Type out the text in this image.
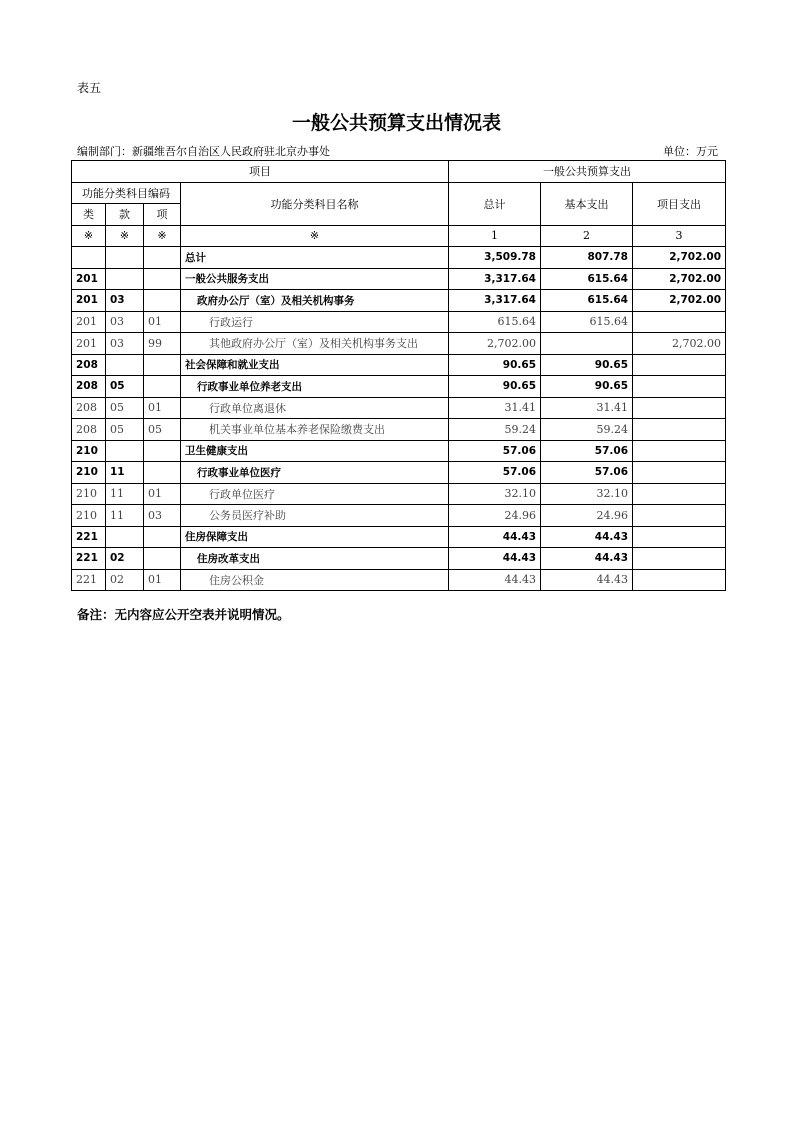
表五
一般公共预算支出情况表
编制部门：新疆维吾尔自治区人民政府驻北京办事处	单位：万元
项目				一般公共预算支出		
功能分类科目编码			功能分类科目名称	总计	基本支出	项目支出
类	款	项				
※	※	※	※	1	2	3
			总计	3,509.78	807.78	2,702.00
201			一般公共服务支出	3,317.64	615.64	2,702.00
201	03		政府办公厅（室）及相关机构事务	3,317.64	615.64	2,702.00
201	03	01	行政运行	615.64	615.64	
201	03	99	其他政府办公厅（室）及相关机构事务支出	2,702.00		2,702.00
208			社会保障和就业支出	90.65	90.65	
208	05		行政事业单位养老支出	90.65	90.65	
208	05	01	行政单位离退休	31.41	31.41	
208	05	05	机关事业单位基本养老保险缴费支出	59.24	59.24	
210			卫生健康支出	57.06	57.06	
210	11		行政事业单位医疗	57.06	57.06	
210	11	01	行政单位医疗	32.10	32.10	
210	11	03	公务员医疗补助	24.96	24.96	
221			住房保障支出	44.43	44.43	
221	02		住房改革支出	44.43	44.43	
221	02	01	住房公积金	44.43	44.43	
备注：无内容应公开空表并说明情况。
